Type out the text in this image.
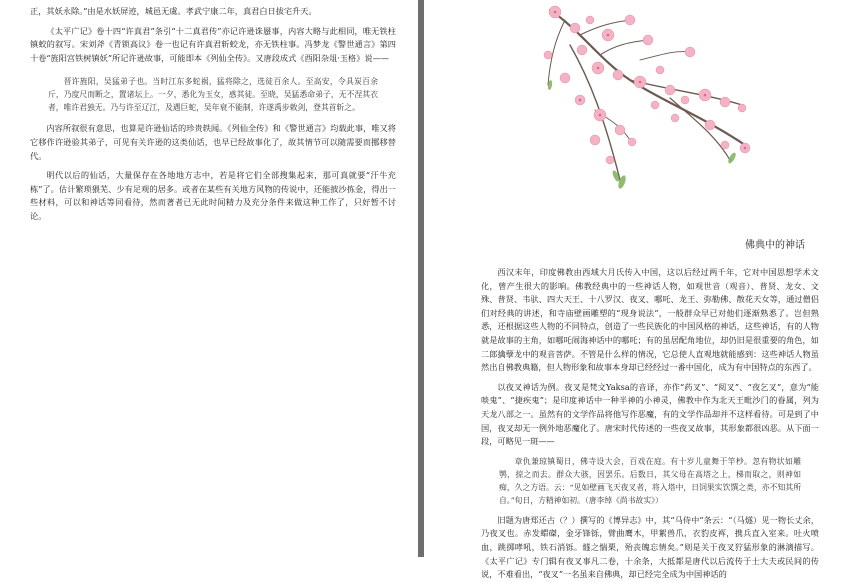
正，其妖永除。”由是水妖屏迹，城邑无虞。孝武宁康二年，真君白日拔宅升天。

《太平广记》卷十四“许真君”条引“十二真君传”亦记许逊诛蜃事，内容大略与此相同，唯无铁柱镇蛟的叙写。宋刘斧《青锁高议》卷一也记有许真君斩蛟龙，亦无铁柱事。冯梦龙《警世通言》第四十卷“旌阳宫铁树镇妖”所记许逊故事，可能即本《列仙全传》。又唐段成式《酉阳杂俎·玉格》说——

晋许旌阳，吴猛弟子也。当时江东多蛇祸，猛将除之，选徒百余人。至高安，令具炭百余斤，乃度尺而断之，置诸坛上。一夕，悉化为玉女，惑其徒。至晓，吴猛悉命弟子，无不涅其衣者，唯许君独无。乃与许至辽江，及遇巨蛇，吴年衰不能制，许遂禹步敕剑，登其首斩之。

内容所叙很有意思，也算是许逊仙话的珍贵轶闻。《列仙全传》和《警世通言》均载此事，唯又将它移作许逊验其弟子，可见有关许逊的这类仙话，也早已经故事化了，故其情节可以随需要而挪移替代。

明代以后的仙话，大量保存在各地地方志中，若是将它们全部搜集起来，那可真就要“汗牛充栋”了。估计繁琐猥芜、少有足观的居多。或者在某些有关地方风物的传说中，还能披沙拣金，得出一些材料，可以和神话等同看待，然而著者已无此时间精力及充分条件来做这种工作了，只好暂不讨论。

佛典中的神话

西汉末年，印度佛教由西域大月氏传入中国，这以后经过两千年，它对中国思想学术文化，曾产生很大的影响。佛教经典中的一些神话人物，如观世音（观音）、普贤、龙女、文殊、普贤、韦驮、四大天王、十八罗汉、夜叉、哪吒、龙王、弥勒佛、散花天女等，通过僧侣们对经典的讲述，和寺庙壁画雕塑的“现身说法”，一般群众早已对他们逐渐熟悉了。岂但熟悉，还根据这些人物的不同特点，创造了一些民族化的中国风格的神话，这些神话，有的人物就是故事的主角，如哪吒闹海神话中的哪吒；有的虽居配角地位，却仍旧是很重要的角色，如二郎擒孽龙中的观音菩萨。不管是什么样的情况，它总使人直观地就能感到：这些神话人物虽然出自佛教典籍，但人物形象和故事本身却已经经过一番中国化，成为有中国特点的东西了。

以夜叉神话为例。夜叉是梵文Yaksa的音译，亦作“药叉”、“阅叉”、“夜乞叉”，意为“能啖鬼”、“捷疾鬼”；是印度神话中一种半神的小神灵，佛教中作为北天王毗沙门的眷属，列为天龙八部之一。虽然有的文学作品将他写作恶魔，有的文学作品却并不这样看待。可是到了中国，夜叉却无一例外地恶魔化了。唐宋时代传述的一些夜叉故事，其形象都很凶恶。从下面一段，可略见一斑——

章仇兼琼镇蜀日，佛寺设大会，百戏在庭。有十岁儿童舞于竿杪。忽有物状如雕鹗，掠之而去。群众大骇，因罢乐。后数日，其父母在高塔之上，梯而取之，则神如痴，久之方语。云：“见如壁画飞天夜叉者，将入塔中，日饲果实饮馔之类，亦不知其所自。”旬日，方精神如初。（唐李绰《尚书故实》）

旧题为唐郑还古（？）撰写的《博异志》中，其“马侍中”条云：“（马燧）见一物长丈余，乃夜叉也。赤发蝟磔，金牙锋铄，臂曲鹰木，甲絮兽爪，衣豹皮裈，携兵直入室来。吐火喷血，跳掷哮吼，铁石消铄。燧之惴栗，殆丧魄忘情矣。”则是关于夜叉狞猛形象的淋漓描写。《太平广记》专门辑有夜叉事凡二卷，十余条，大抵都是唐代以后流传于士大夫或民间的传说，不难看出，“夜叉”一名虽来自佛典，却已经完全成为中国神话的
